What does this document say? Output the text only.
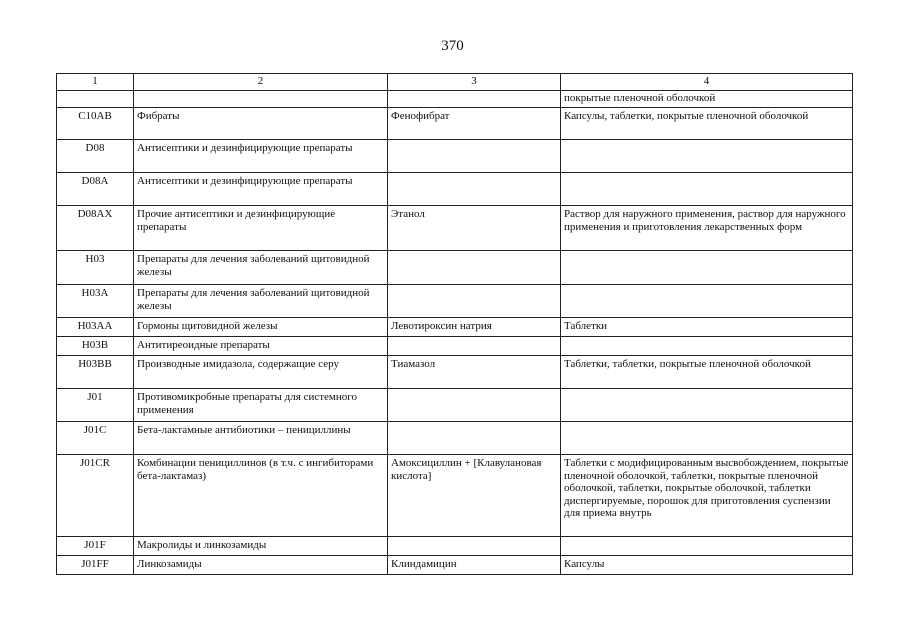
370
1	2	3	4
			покрытые пленочной оболочкой
C10AB	Фибраты	Фенофибрат	Капсулы, таблетки, покрытые пленочной оболочкой
D08	Антисептики и дезинфицирующие препараты		
D08A	Антисептики и дезинфицирующие препараты		
D08AX	Прочие антисептики и дезинфицирующие препараты	Этанол	Раствор для наружного применения, раствор для наружного применения и приготовления лекарственных форм
H03	Препараты для лечения заболеваний щитовидной железы		
H03A	Препараты для лечения заболеваний щитовидной железы		
H03AA	Гормоны щитовидной железы	Левотироксин натрия	Таблетки
H03B	Антитиреоидные препараты		
H03BB	Производные имидазола, содержащие серу	Тиамазол	Таблетки, таблетки, покрытые пленочной оболочкой
J01	Противомикробные препараты для системного применения		
J01C	Бета-лактамные антибиотики – пенициллины		
J01CR	Комбинации пенициллинов (в т.ч. с ингибиторами бета-лактамаз)	Амоксициллин + [Клавулановая кислота]	Таблетки с модифицированным высвобождением, покрытые пленочной оболочкой, таблетки, покрытые пленочной оболочкой, таблетки, покрытые оболочкой, таблетки диспергируемые, порошок для приготовления суспензии для приема внутрь
J01F	Макролиды и линкозамиды		
J01FF	Линкозамиды	Клиндамицин	Капсулы
